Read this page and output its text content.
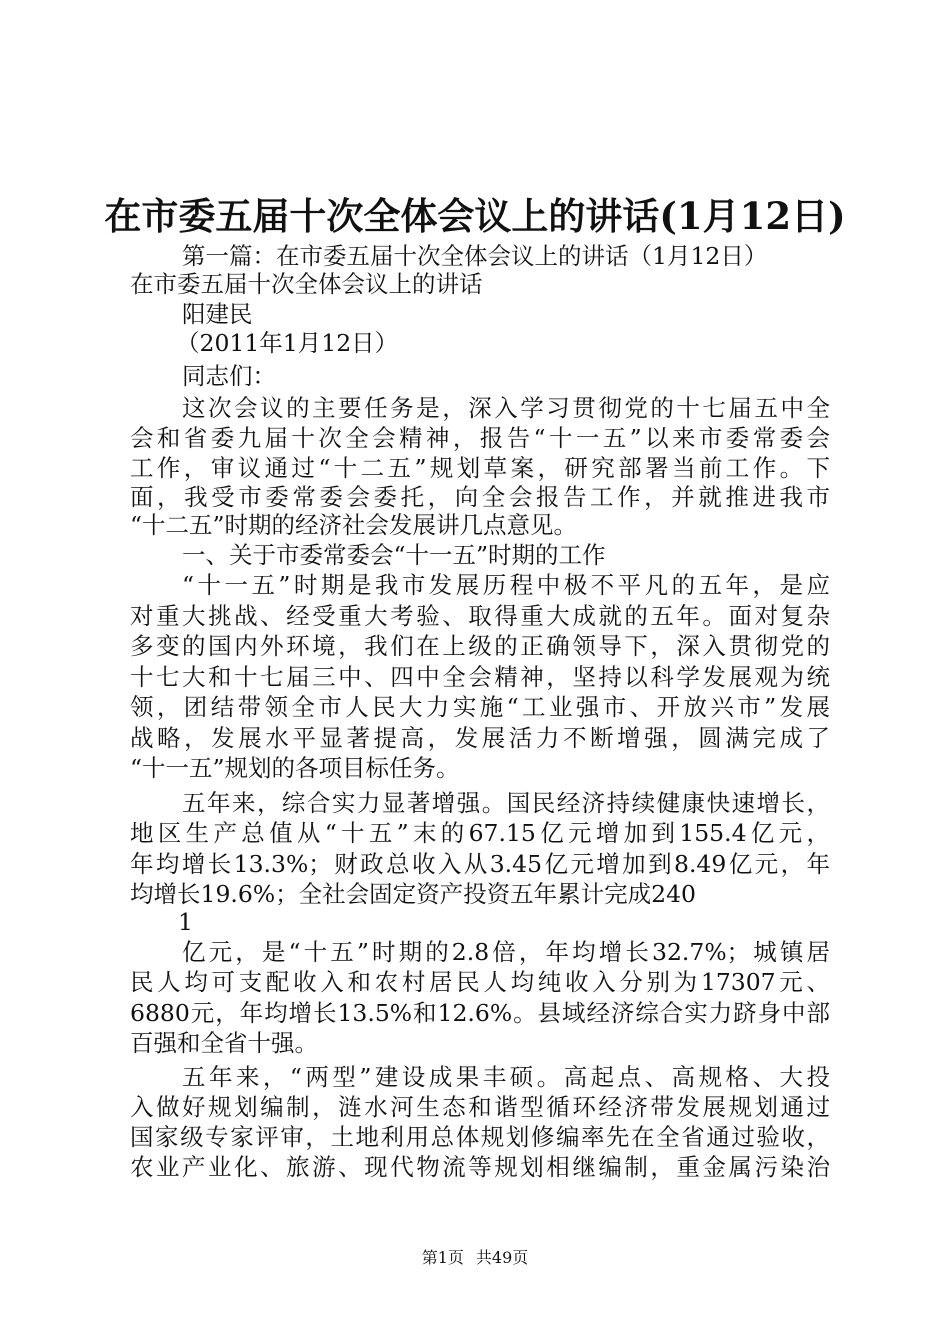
在市委五届十次全体会议上的讲话(1月12日)
第一篇：在市委五届十次全体会议上的讲话（1月12日）
在市委五届十次全体会议上的讲话
阳建民
（2011年1月12日）
同志们：
这次会议的主要任务是，深入学习贯彻党的十七届五中全
会和省委九届十次全会精神，报告“十一五”以来市委常委会
工作，审议通过“十二五”规划草案，研究部署当前工作。下
面，我受市委常委会委托，向全会报告工作，并就推进我市
“十二五”时期的经济社会发展讲几点意见。
一、关于市委常委会“十一五”时期的工作
“十一五”时期是我市发展历程中极不平凡的五年，是应
对重大挑战、经受重大考验、取得重大成就的五年。面对复杂
多变的国内外环境，我们在上级的正确领导下，深入贯彻党的
十七大和十七届三中、四中全会精神，坚持以科学发展观为统
领，团结带领全市人民大力实施“工业强市、开放兴市”发展
战略，发展水平显著提高，发展活力不断增强，圆满完成了
“十一五”规划的各项目标任务。
五年来，综合实力显著增强。国民经济持续健康快速增长，
地区生产总值从“十五”末的67.15亿元增加到155.4亿元，
年均增长13.3%；财政总收入从3.45亿元增加到8.49亿元，年
均增长19.6%；全社会固定资产投资五年累计完成240
1
亿元，是“十五”时期的2.8倍，年均增长32.7%；城镇居
民人均可支配收入和农村居民人均纯收入分别为17307元、
6880元，年均增长13.5%和12.6%。县域经济综合实力跻身中部
百强和全省十强。
五年来，“两型”建设成果丰硕。高起点、高规格、大投
入做好规划编制，涟水河生态和谐型循环经济带发展规划通过
国家级专家评审，土地利用总体规划修编率先在全省通过验收，
农业产业化、旅游、现代物流等规划相继编制，重金属污染治
第1页 共49页
